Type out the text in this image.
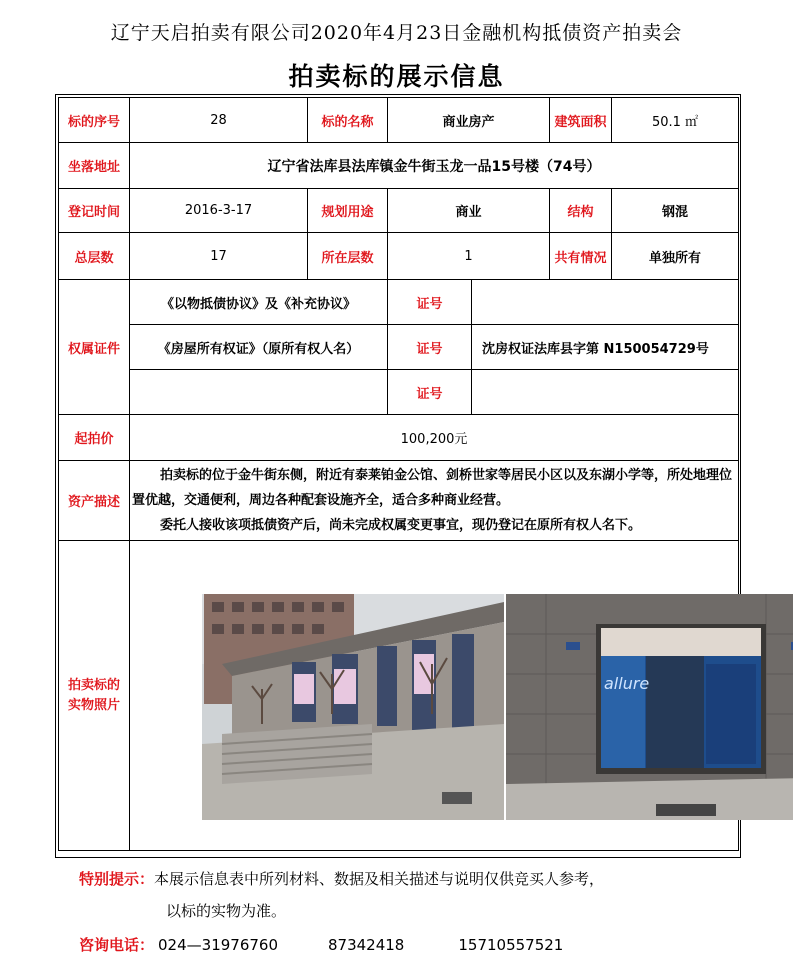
辽宁天启拍卖有限公司2020年4月23日金融机构抵债资产拍卖会
拍卖标的展示信息
标的序号	28	标的名称	商业房产		建筑面积	50.1 ㎡
坐落地址	辽宁省法库县法库镇金牛街玉龙一品15号楼（74号）					
登记时间	2016-3-17	规划用途	商业		结构	钢混
总层数	17	所在层数	1		共有情况	单独所有
权属证件	《以物抵债协议》及《补充协议》		证号			
	《房屋所有权证》（原所有权人名）		证号	沈房权证法库县字第 N150054729号		
			证号			
起拍价	100,200元					
资产描述	拍卖标的位于金牛街东侧，附近有泰莱铂金公馆、剑桥世家等居民小区以及东湖小学等，所处地理位置优越，交通便利，周边各种配套设施齐全，适合多种商业经营。

委托人接收该项抵债资产后，尚未完成权属变更事宜，现仍登记在原所有权人名下。					

拍卖标的实物照片	allure					
特别提示：本展示信息表中所列材料、数据及相关描述与说明仅供竞买人参考，
以标的实物为准。
咨询电话： 024—31976760	87342418	15710557521
